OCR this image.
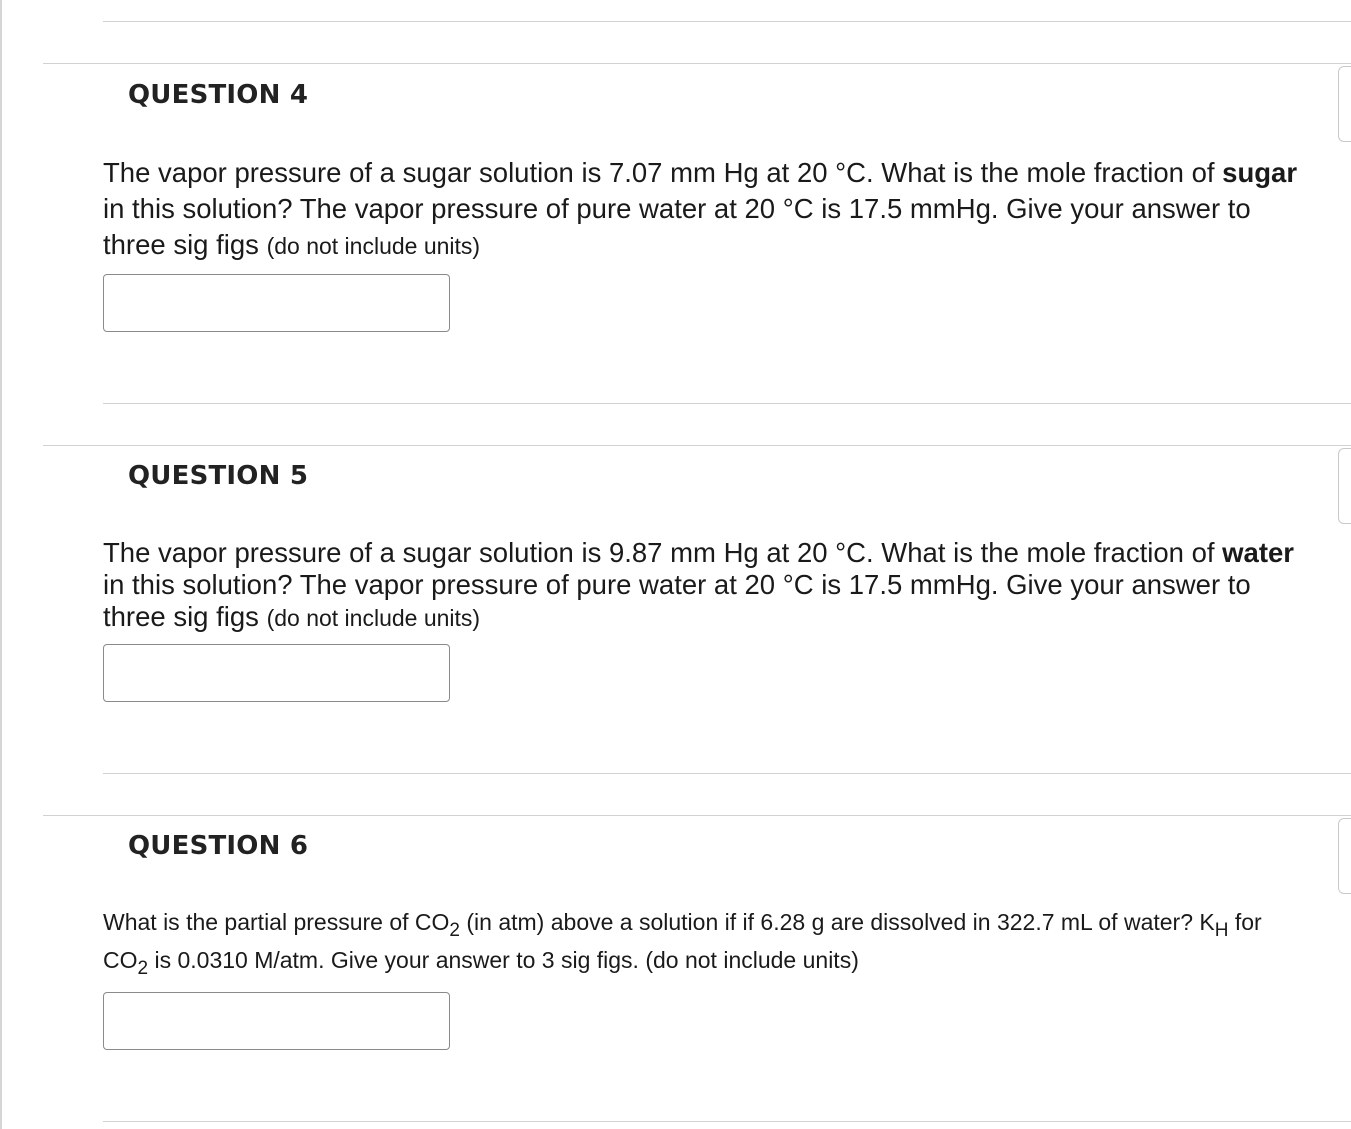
QUESTION 4
The vapor pressure of a sugar solution is 7.07 mm Hg at 20 °C. What is the mole fraction of sugar in this solution? The vapor pressure of pure water at 20 °C is 17.5 mmHg. Give your answer to three sig figs (do not include units)
QUESTION 5
The vapor pressure of a sugar solution is 9.87 mm Hg at 20 °C. What is the mole fraction of water in this solution? The vapor pressure of pure water at 20 °C is 17.5 mmHg. Give your answer to three sig figs (do not include units)
QUESTION 6
What is the partial pressure of $CO_2$ (in atm) above a solution if if 6.28 g are dissolved in 322.7 mL of water? $K_H$ for $CO_2$ is 0.0310 M/atm. Give your answer to 3 sig figs. (do not include units)
